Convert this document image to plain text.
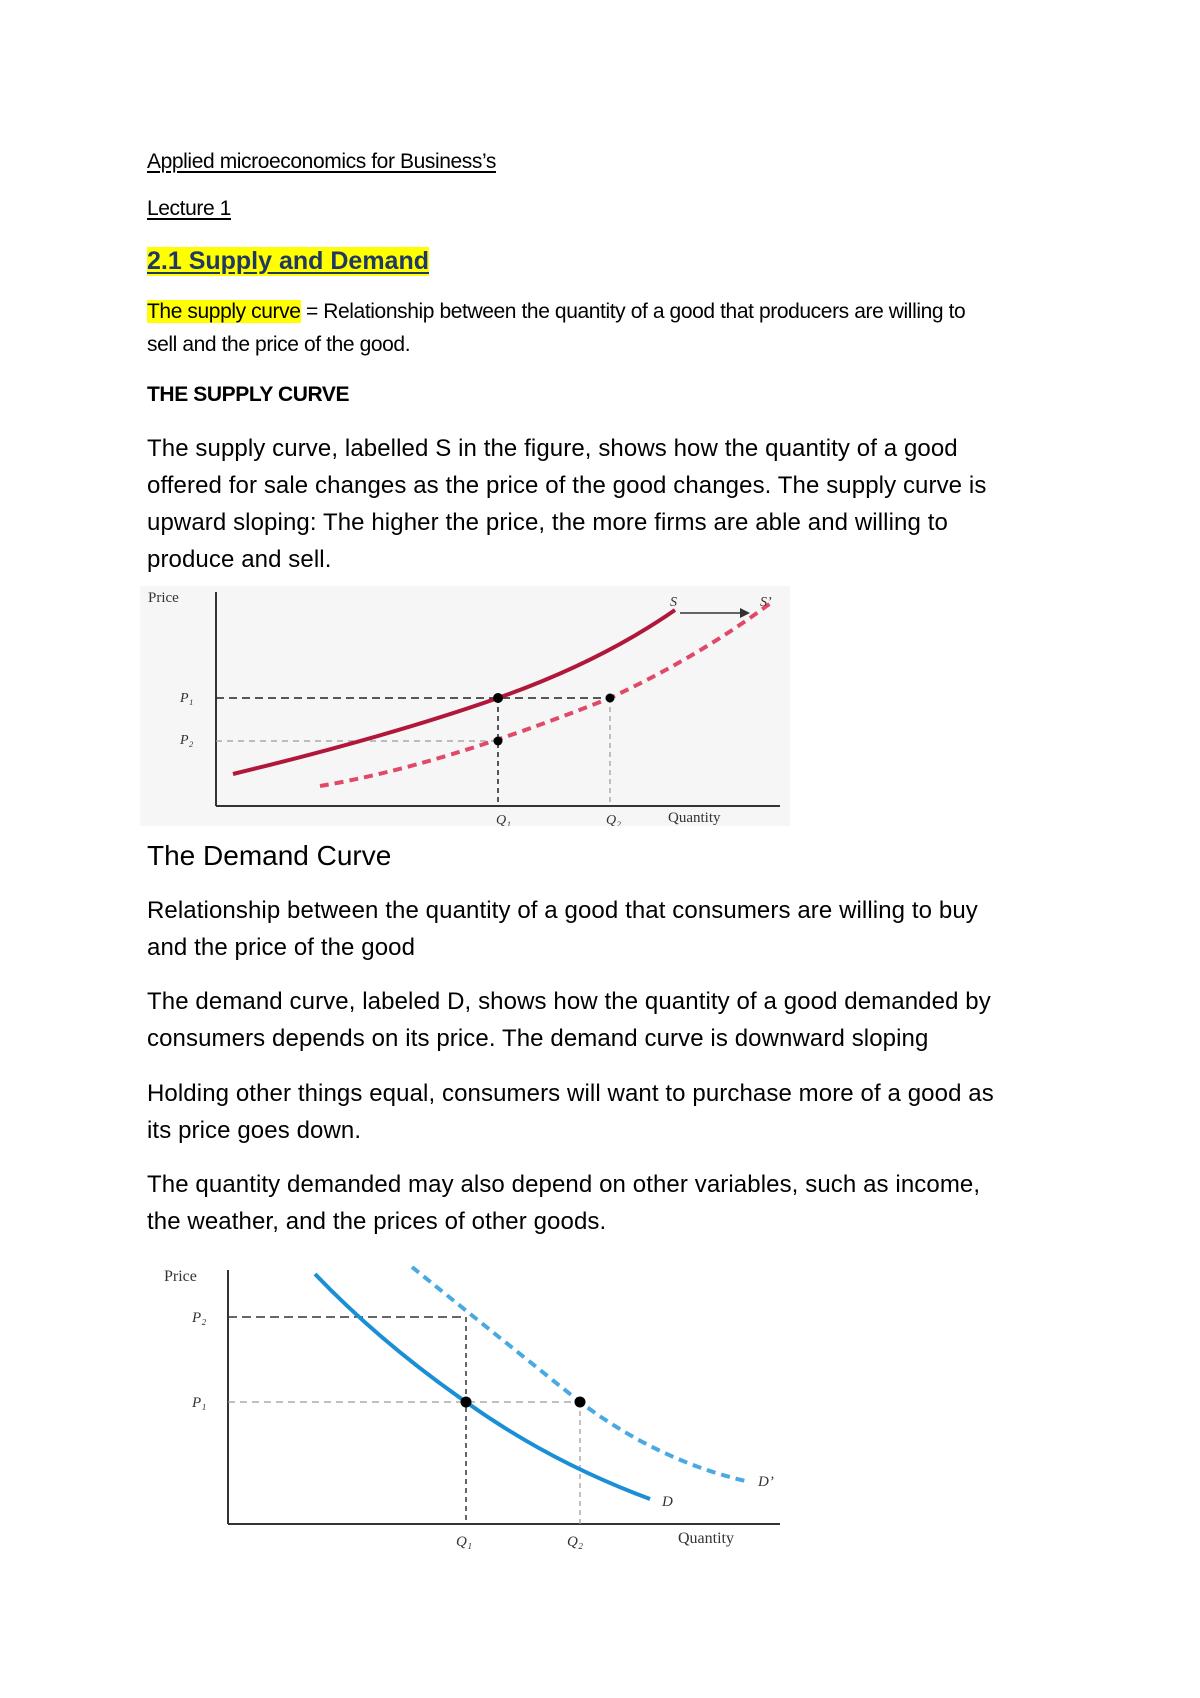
Applied microeconomics for Business’s
Lecture 1
2.1 Supply and Demand
The supply curve = Relationship between the quantity of a good that producers are willing to
sell and the price of the good.
THE SUPPLY CURVE
The supply curve, labelled S in the figure, shows how the quantity of a good
offered for sale changes as the price of the good changes. The supply curve is
upward sloping: The higher the price, the more firms are able and willing to
produce and sell.
Price
Quantity
P₁
P₂
Q₁	Q₂
S	S’
The Demand Curve
Relationship between the quantity of a good that consumers are willing to buy
and the price of the good
The demand curve, labeled D, shows how the quantity of a good demanded by
consumers depends on its price. The demand curve is downward sloping
Holding other things equal, consumers will want to purchase more of a good as
its price goes down.
The quantity demanded may also depend on other variables, such as income,
the weather, and the prices of other goods.
Price
Quantity
P₂
P₁
Q₁	Q₂
D
D’
